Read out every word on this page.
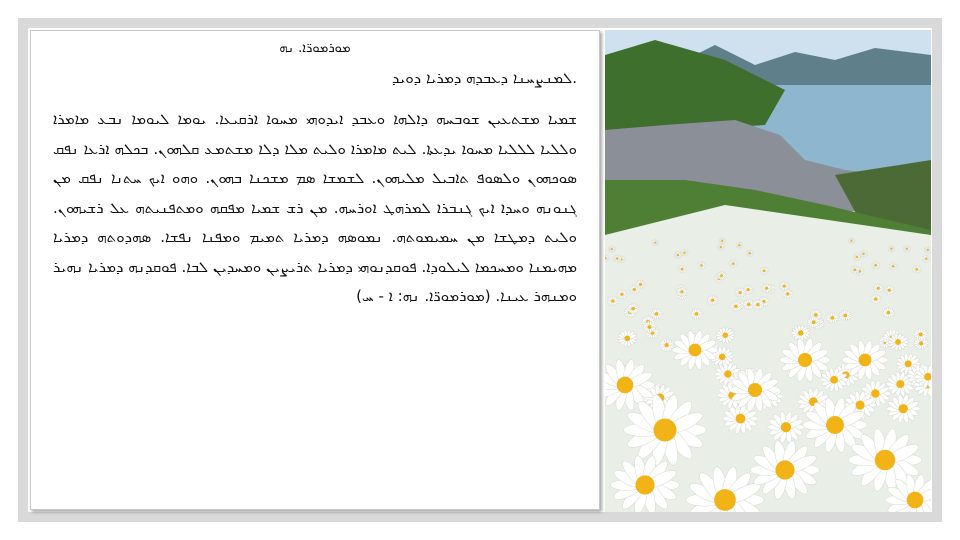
ܡܘܪܡܘܪ̈ܐ. ܢܗ
ܠܡܢܨܚܢܐ ܕܥܒܕܗ ܕܡܪܝܐ ܕܘܝܕ.
ܫܡܝܐ ܡܫܬܥܝܢ ܫܘܒܚܗ ܕܐܠܗܐ ܘܥܒܕ ܐܝܕܘܗܝ ܡܚܘܐ ܐܪܩܝܥܐ. ܝܘܡܐ ܠܝܘܡܐ ܢܒܥ ܡܐܡܪܐ ܘܠܠܝܐ ܠܠܠܝܐ ܡܚܘܐ ܝܕܥܬܐ. ܠܝܬ ܡܐܡܪܐ ܘܠܝܬ ܡܠܐ ܕܠܐ ܡܫܬܡܥ ܩܠܗܘܢ. ܒܟܠܗ ܐܪܥܐ ܢܦܩ ܣܘܟܗܘܢ ܘܠܣܘܦ ܬܐܒܝܠ ܡܠܝܗܘܢ. ܠܫܡܫܐ ܣܡ ܡܫܟܢܐ ܒܗܘܢ. ܘܗܘ ܐܝܟ ܚܬܢܐ ܢܦܩ ܡܢ ܓܢܘܢܗ ܘܚܕܐ ܐܝܟ ܓܢܒܪܐ ܠܡܪܗܛ ܐܘܪܚܗ. ܡܢ ܪܫ ܫܡܝܐ ܡܦܩܗ ܘܡܬܦܢܝܬܗ ܥܠ ܪܫܝܗܘܢ. ܘܠܝܬ ܕܡܛܫܐ ܡܢ ܚܡܝܡܘܬܗ. ܢܡܘܣܗ ܕܡܪܝܐ ܬܡܝܡ ܘܡܦܢܐ ܢܦܫܐ. ܣܗܕܘܬܗ ܕܡܪܝܐ ܡܗܝܡܢܐ ܘܡܚܟܡܐ ܠܝܠܘܕܐ. ܦܘܩܕܢܘܗܝ ܕܡܪܝܐ ܬܪܝܨܝܢ ܘܡܚܕܝܢ ܠܒܐ. ܦܘܩܕܢܗ ܕܡܪܝܐ ܢܗܝܪ ܘܡܢܗܪ ܥܝܢܐ. (ܡܘܪܡܘܪ̈ܐ. ܢܗ: ܐ - ܚ)
